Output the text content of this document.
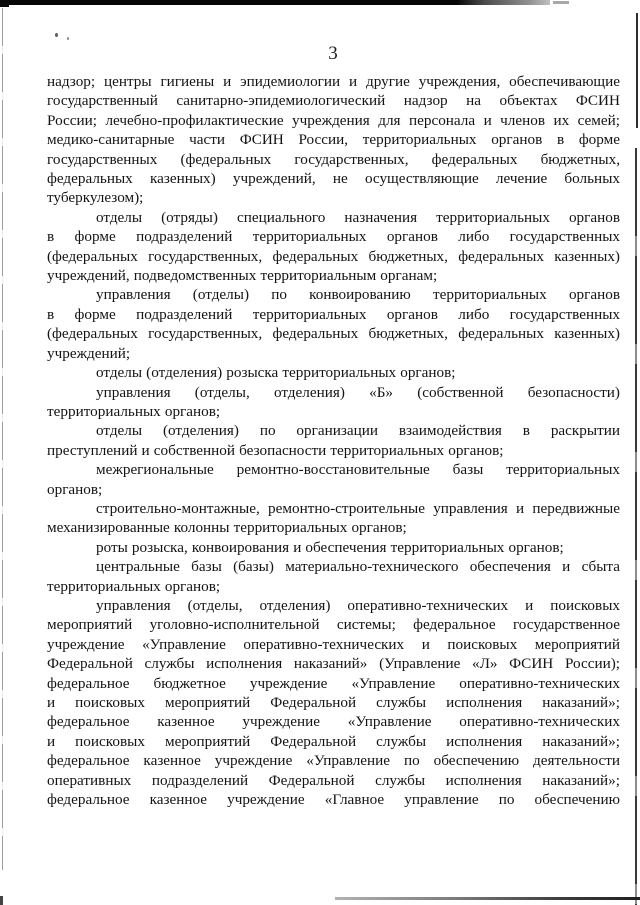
3
надзор; центры гигиены и эпидемиологии и другие учреждения, обеспечивающие
государственный санитарно-эпидемиологический надзор на объектах ФСИН
России; лечебно-профилактические учреждения для персонала и членов их семей;
медико-санитарные части ФСИН России, территориальных органов в форме
государственных (федеральных государственных, федеральных бюджетных,
федеральных казенных) учреждений, не осуществляющие лечение больных
туберкулезом);
отделы (отряды) специального назначения территориальных органов
в форме подразделений территориальных органов либо государственных
(федеральных государственных, федеральных бюджетных, федеральных казенных)
учреждений, подведомственных территориальным органам;
управления (отделы) по конвоированию территориальных органов
в форме подразделений территориальных органов либо государственных
(федеральных государственных, федеральных бюджетных, федеральных казенных)
учреждений;
отделы (отделения) розыска территориальных органов;
управления (отделы, отделения) «Б» (собственной безопасности)
территориальных органов;
отделы (отделения) по организации взаимодействия в раскрытии
преступлений и собственной безопасности территориальных органов;
межрегиональные ремонтно-восстановительные базы территориальных
органов;
строительно-монтажные, ремонтно-строительные управления и передвижные
механизированные колонны территориальных органов;
роты розыска, конвоирования и обеспечения территориальных органов;
центральные базы (базы) материально-технического обеспечения и сбыта
территориальных органов;
управления (отделы, отделения) оперативно-технических и поисковых
мероприятий уголовно-исполнительной системы; федеральное государственное
учреждение «Управление оперативно-технических и поисковых мероприятий
Федеральной службы исполнения наказаний» (Управление «Л» ФСИН России);
федеральное бюджетное учреждение «Управление оперативно-технических
и поисковых мероприятий Федеральной службы исполнения наказаний»;
федеральное казенное учреждение «Управление оперативно-технических
и поисковых мероприятий Федеральной службы исполнения наказаний»;
федеральное казенное учреждение «Управление по обеспечению деятельности
оперативных подразделений Федеральной службы исполнения наказаний»;
федеральное казенное учреждение «Главное управление по обеспечению
